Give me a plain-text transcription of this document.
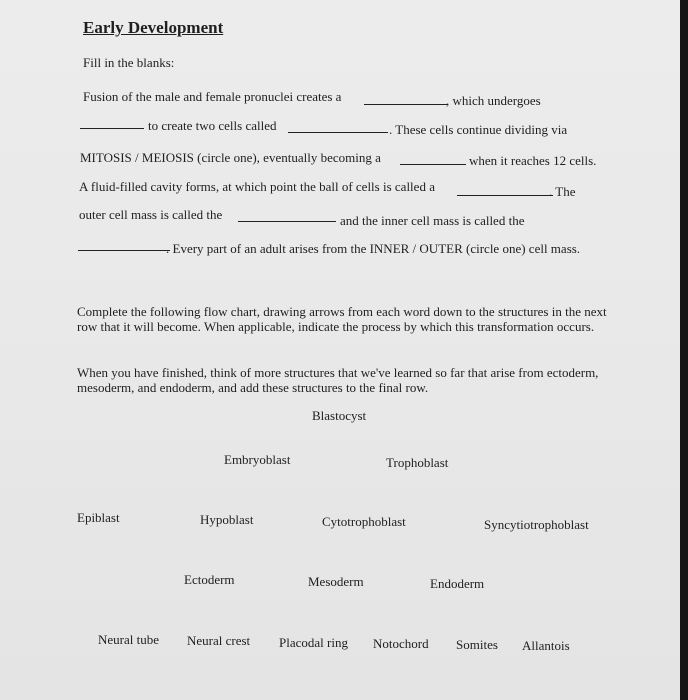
Early Development
Fill in the blanks:
Fusion of the male and female pronuclei creates a	, which undergoes
to create two cells called	. These cells continue dividing via
MITOSIS / MEIOSIS (circle one), eventually becoming a	when it reaches 12 cells.
A fluid-filled cavity forms, at which point the ball of cells is called a	. The
outer cell mass is called the	and the inner cell mass is called the
. Every part of an adult arises from the INNER / OUTER (circle one) cell mass.
Complete the following flow chart, drawing arrows from each word down to the structures in the next row that it will become. When applicable, indicate the process by which this transformation occurs.
When you have finished, think of more structures that we've learned so far that arise from ectoderm, mesoderm, and endoderm, and add these structures to the final row.
Blastocyst
Embryoblast	Trophoblast
Epiblast	Hypoblast	Cytotrophoblast	Syncytiotrophoblast
Ectoderm	Mesoderm	Endoderm
Neural tube Neural crest Placodal ring Notochord Somites Allantois
